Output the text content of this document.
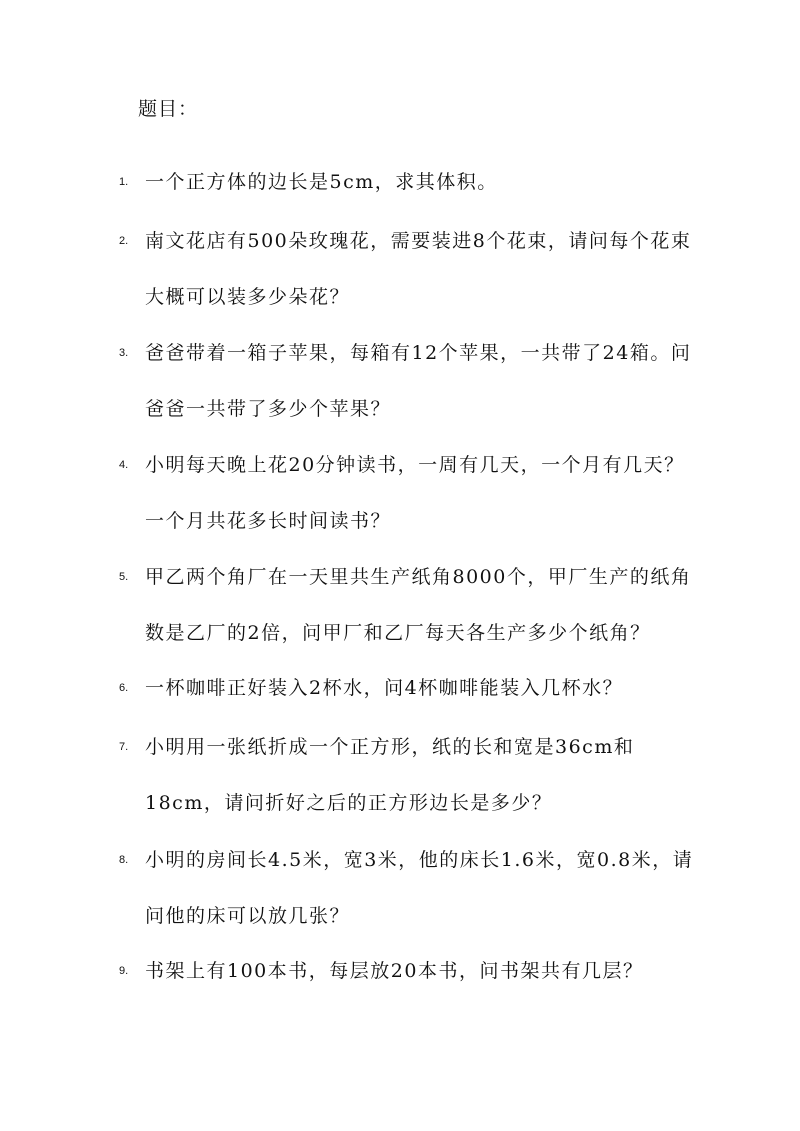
题目：
1. 一个正方体的边长是5cm，求其体积。
2. 南文花店有500朵玫瑰花，需要装进8个花束，请问每个花束大概可以装多少朵花？
3. 爸爸带着一箱子苹果，每箱有12个苹果，一共带了24箱。问爸爸一共带了多少个苹果？
4. 小明每天晚上花20分钟读书，一周有几天，一个月有几天？一个月共花多长时间读书？
5. 甲乙两个角厂在一天里共生产纸角8000个，甲厂生产的纸角数是乙厂的2倍，问甲厂和乙厂每天各生产多少个纸角？
6. 一杯咖啡正好装入2杯水，问4杯咖啡能装入几杯水？
7. 小明用一张纸折成一个正方形，纸的长和宽是36cm和18cm，请问折好之后的正方形边长是多少？
8. 小明的房间长4.5米，宽3米，他的床长1.6米，宽0.8米，请问他的床可以放几张？
9. 书架上有100本书，每层放20本书，问书架共有几层？
